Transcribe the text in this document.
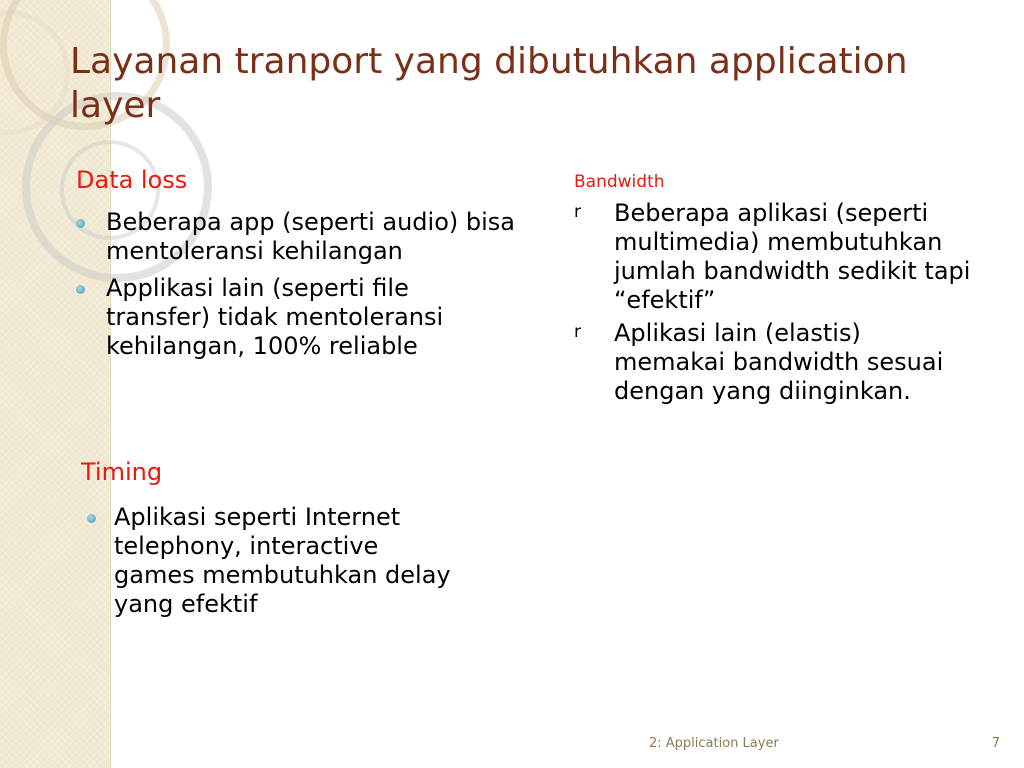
Layanan tranport yang dibutuhkan application layer
Data loss
Beberapa app (seperti audio) bisa mentoleransi kehilangan
Applikasi lain (seperti file transfer) tidak mentoleransi kehilangan, 100% reliable
Timing
Aplikasi seperti Internet telephony, interactive games membutuhkan delay yang efektif
Bandwidth
r Beberapa aplikasi (seperti multimedia) membutuhkan jumlah bandwidth sedikit tapi “efektif”
r Aplikasi lain (elastis) memakai bandwidth sesuai dengan yang diinginkan.
2: Application Layer	7
